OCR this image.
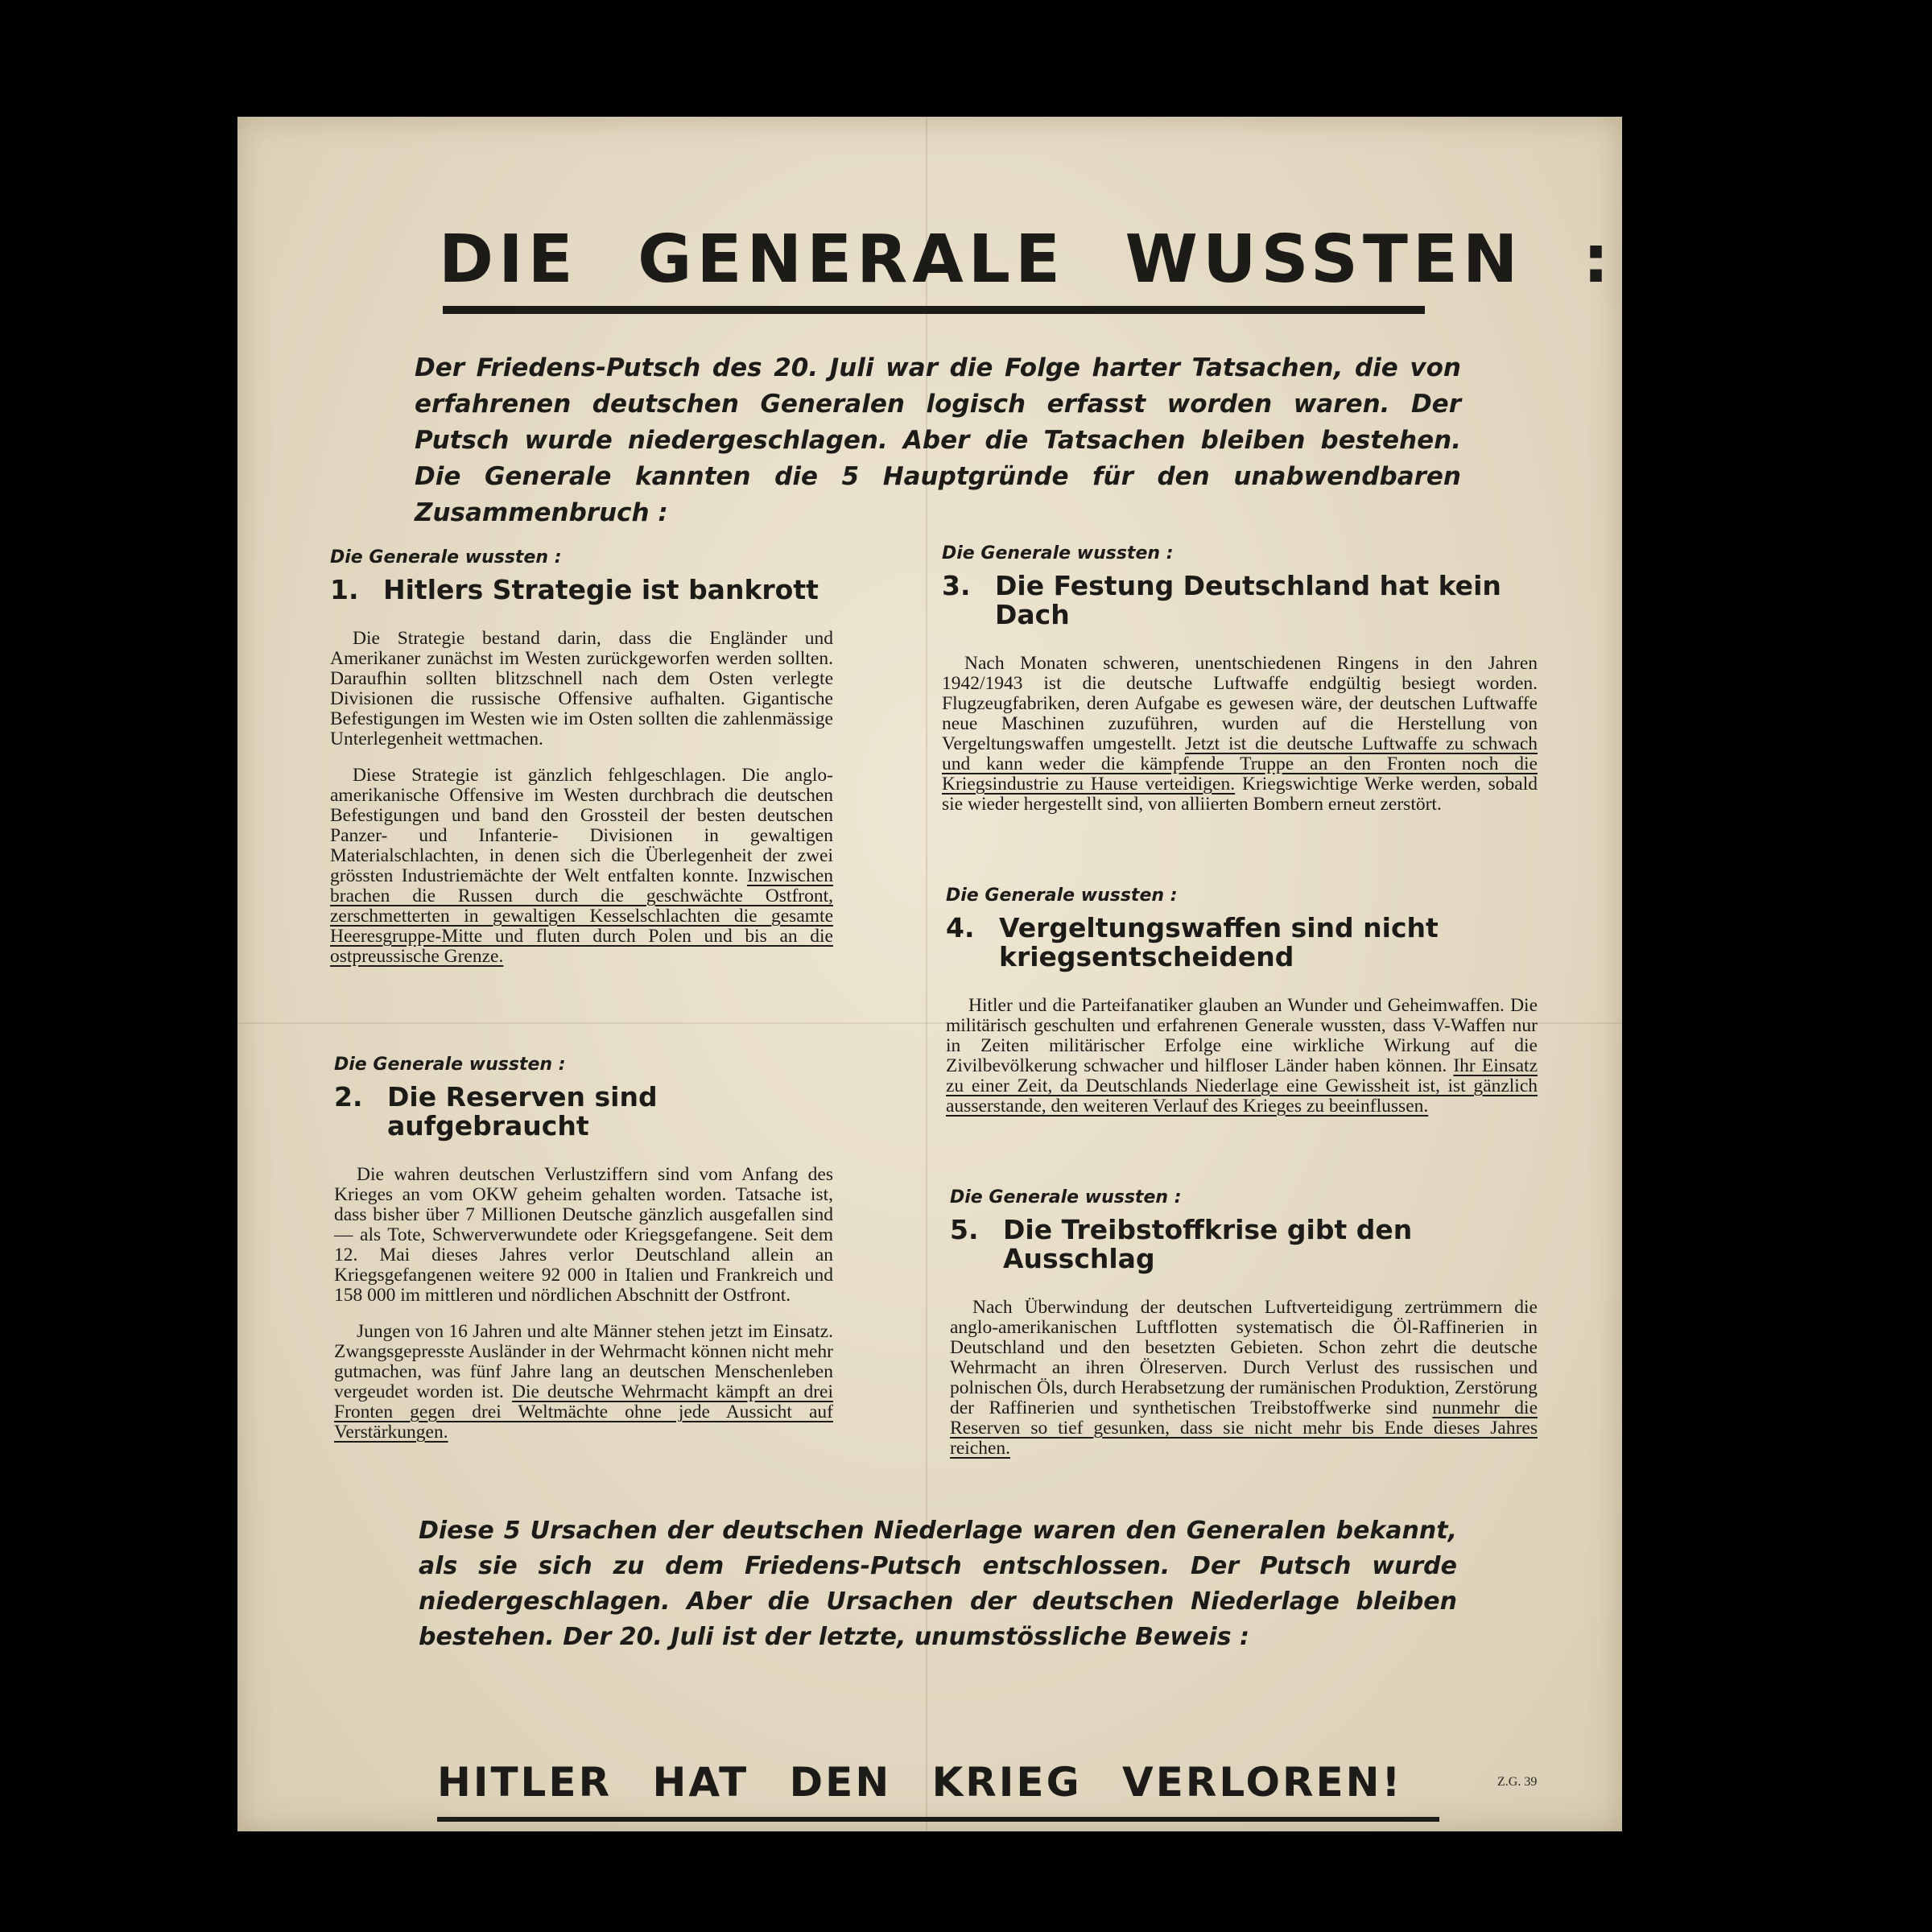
DIE GENERALE WUSSTEN :
Der Friedens-Putsch des 20. Juli war die Folge harter Tatsachen, die von erfahrenen deutschen Generalen logisch erfasst worden waren. Der Putsch wurde niedergeschlagen. Aber die Tatsachen bleiben bestehen. Die Generale kannten die 5 Hauptgründe für den unabwendbaren Zusammenbruch :
Die Generale wussten :
1. Hitlers Strategie ist bankrott

Die Strategie bestand darin, dass die Engländer und Amerikaner zunächst im Westen zurückgeworfen werden sollten. Daraufhin sollten blitzschnell nach dem Osten verlegte Divisionen die russische Offensive aufhalten. Gigantische Befestigungen im Westen wie im Osten sollten die zahlenmässige Unterlegenheit wettmachen.

Diese Strategie ist gänzlich fehlgeschlagen. Die anglo-amerikanische Offensive im Westen durchbrach die deutschen Befestigungen und band den Grossteil der besten deutschen Panzer- und Infanterie- Divisionen in gewaltigen Materialschlachten, in denen sich die Überlegenheit der zwei grössten Industriemächte der Welt entfalten konnte. Inzwischen brachen die Russen durch die geschwächte Ostfront, zerschmetterten in gewaltigen Kesselschlachten die gesamte Heeresgruppe-Mitte und fluten durch Polen und bis an die ostpreussische Grenze.

Die Generale wussten :
2. Die Reserven sind aufgebraucht

Die wahren deutschen Verlustziffern sind vom Anfang des Krieges an vom OKW geheim gehalten worden. Tatsache ist, dass bisher über 7 Millionen Deutsche gänzlich ausgefallen sind — als Tote, Schwerverwundete oder Kriegsgefangene. Seit dem 12. Mai dieses Jahres verlor Deutschland allein an Kriegsgefangenen weitere 92 000 in Italien und Frankreich und 158 000 im mittleren und nördlichen Abschnitt der Ostfront.

Jungen von 16 Jahren und alte Männer stehen jetzt im Einsatz. Zwangsgepresste Ausländer in der Wehrmacht können nicht mehr gutmachen, was fünf Jahre lang an deutschen Menschenleben vergeudet worden ist. Die deutsche Wehrmacht kämpft an drei Fronten gegen drei Weltmächte ohne jede Aussicht auf Verstärkungen.

Die Generale wussten :
3. Die Festung Deutschland hat kein Dach

Nach Monaten schweren, unentschiedenen Ringens in den Jahren 1942/1943 ist die deutsche Luftwaffe endgültig besiegt worden. Flugzeugfabriken, deren Aufgabe es gewesen wäre, der deutschen Luftwaffe neue Maschinen zuzuführen, wurden auf die Herstellung von Vergeltungswaffen umgestellt. Jetzt ist die deutsche Luftwaffe zu schwach und kann weder die kämpfende Truppe an den Fronten noch die Kriegsindustrie zu Hause verteidigen. Kriegswichtige Werke werden, sobald sie wieder hergestellt sind, von alliierten Bombern erneut zerstört.

Die Generale wussten :
4. Vergeltungswaffen sind nicht kriegsentscheidend

Hitler und die Parteifanatiker glauben an Wunder und Geheimwaffen. Die militärisch geschulten und erfahrenen Generale wussten, dass V-Waffen nur in Zeiten militärischer Erfolge eine wirkliche Wirkung auf die Zivilbevölkerung schwacher und hilfloser Länder haben können. Ihr Einsatz zu einer Zeit, da Deutschlands Niederlage eine Gewissheit ist, ist gänzlich ausserstande, den weiteren Verlauf des Krieges zu beeinflussen.

Die Generale wussten :
5. Die Treibstoffkrise gibt den Ausschlag

Nach Überwindung der deutschen Luftverteidigung zertrümmern die anglo-amerikanischen Luftflotten systematisch die Öl-Raffinerien in Deutschland und den besetzten Gebieten. Schon zehrt die deutsche Wehrmacht an ihren Ölreserven. Durch Verlust des russischen und polnischen Öls, durch Herabsetzung der rumänischen Produktion, Zerstörung der Raffinerien und synthetischen Treibstoffwerke sind nunmehr die Reserven so tief gesunken, dass sie nicht mehr bis Ende dieses Jahres reichen.

Diese 5 Ursachen der deutschen Niederlage waren den Generalen bekannt, als sie sich zu dem Friedens-Putsch entschlossen. Der Putsch wurde niedergeschlagen. Aber die Ursachen der deutschen Niederlage bleiben bestehen. Der 20. Juli ist der letzte, unumstössliche Beweis :
HITLER HAT DEN KRIEG VERLOREN!	Z.G. 39
